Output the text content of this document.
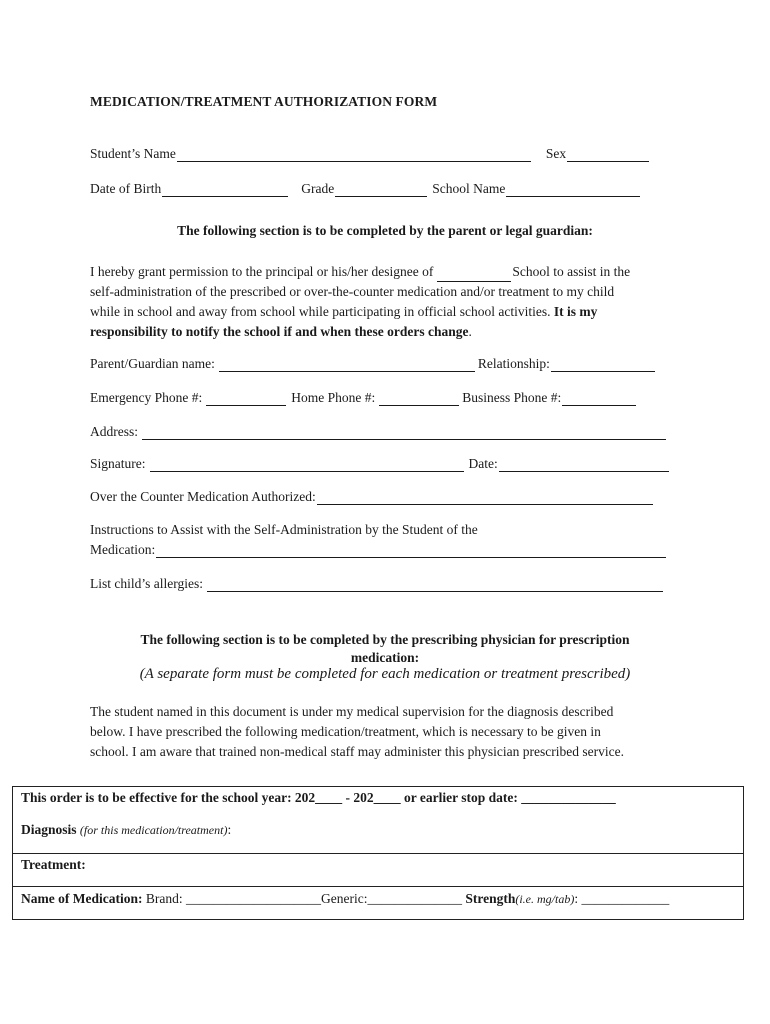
MEDICATION/TREATMENT AUTHORIZATION FORM
Student’s Name	Sex
Date of Birth	Grade	School Name
The following section is to be completed by the parent or legal guardian:
I hereby grant permission to the principal or his/her designee of	School to assist in the
self-administration of the prescribed or over-the-counter medication and/or treatment to my child
while in school and away from school while participating in official school activities. It is my
responsibility to notify the school if and when these orders change.
Parent/Guardian name:	Relationship:
Emergency Phone #:	Home Phone #:	Business Phone #:
Address:
Signature:	Date:
Over the Counter Medication Authorized:
Instructions to Assist with the Self-Administration by the Student of the
Medication:
List child’s allergies:
The following section is to be completed by the prescribing physician for prescription
medication:
(A separate form must be completed for each medication or treatment prescribed)
The student named in this document is under my medical supervision for the diagnosis described
below. I have prescribed the following medication/treatment, which is necessary to be given in
school. I am aware that trained non-medical staff may administer this physician prescribed service.
This order is to be effective for the school year: 202____ - 202____ or earlier stop date: ______________
Diagnosis (for this medication/treatment):
Treatment:
Name of Medication: Brand: ____________________Generic:______________ Strength(i.e. mg/tab): _____________
